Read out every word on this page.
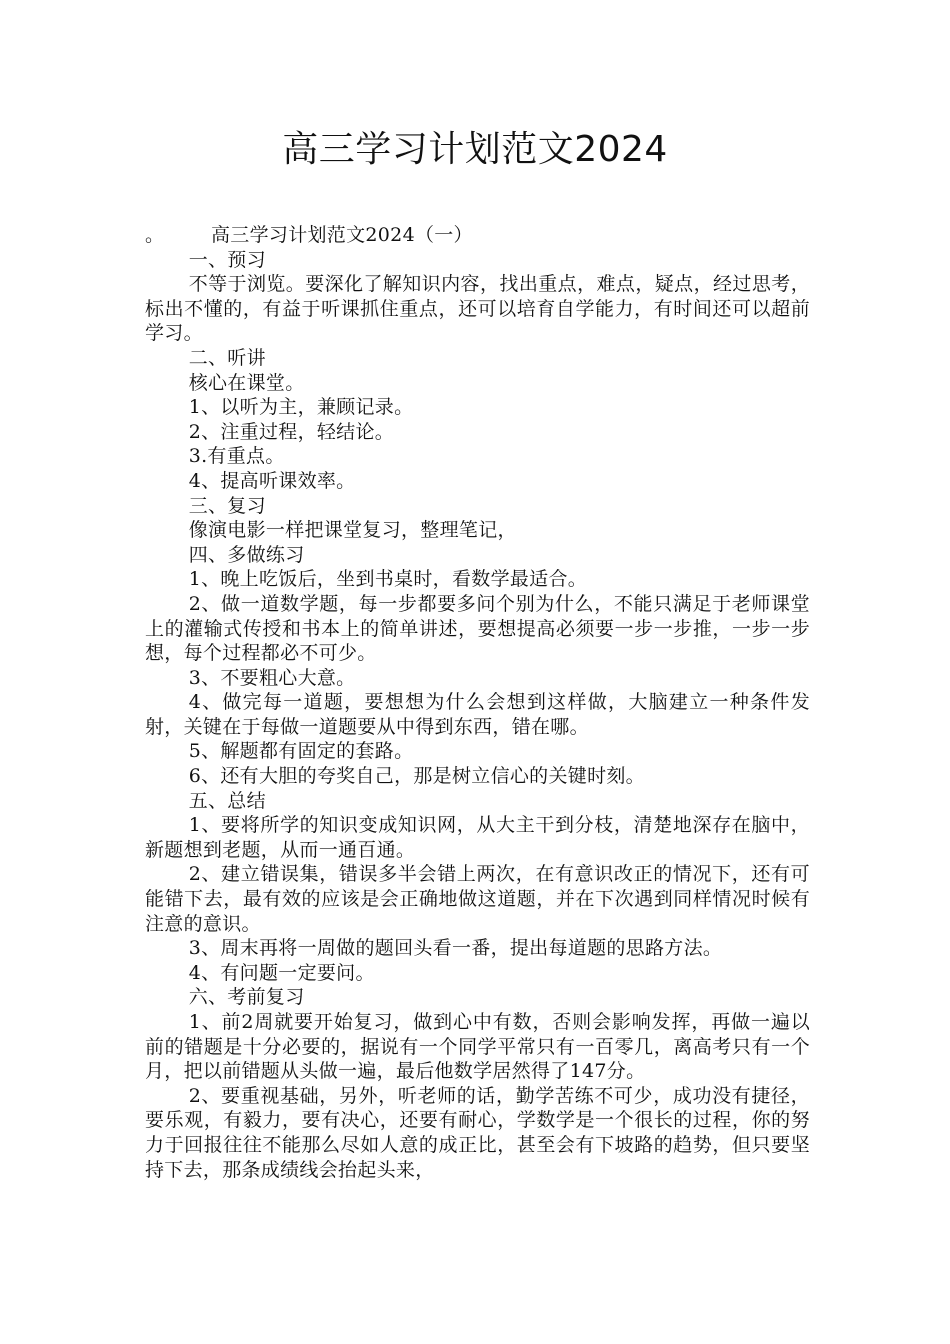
高三学习计划范文2024

。 高三学习计划范文2024（一）

一、预习

不等于浏览。要深化了解知识内容，找出重点，难点，疑点，经过思考，标出不懂的，有益于听课抓住重点，还可以培育自学能力，有时间还可以超前学习。

二、听讲

核心在课堂。

1、以听为主，兼顾记录。

2、注重过程，轻结论。

3.有重点。

4、提高听课效率。

三、复习

像演电影一样把课堂复习，整理笔记，

四、多做练习

1、晚上吃饭后，坐到书桌时，看数学最适合。

2、做一道数学题，每一步都要多问个别为什么，不能只满足于老师课堂上的灌输式传授和书本上的简单讲述，要想提高必须要一步一步推，一步一步想，每个过程都必不可少。

3、不要粗心大意。

4、做完每一道题，要想想为什么会想到这样做，大脑建立一种条件发射，关键在于每做一道题要从中得到东西，错在哪。

5、解题都有固定的套路。

6、还有大胆的夸奖自己，那是树立信心的关键时刻。

五、总结

1、要将所学的知识变成知识网，从大主干到分枝，清楚地深存在脑中，新题想到老题，从而一通百通。

2、建立错误集，错误多半会错上两次，在有意识改正的情况下，还有可能错下去，最有效的应该是会正确地做这道题，并在下次遇到同样情况时候有注意的意识。

3、周末再将一周做的题回头看一番，提出每道题的思路方法。

4、有问题一定要问。

六、考前复习

1、前2周就要开始复习，做到心中有数，否则会影响发挥，再做一遍以前的错题是十分必要的，据说有一个同学平常只有一百零几，离高考只有一个月，把以前错题从头做一遍，最后他数学居然得了147分。

2、要重视基础，另外，听老师的话，勤学苦练不可少，成功没有捷径，要乐观，有毅力，要有决心，还要有耐心，学数学是一个很长的过程，你的努力于回报往往不能那么尽如人意的成正比，甚至会有下坡路的趋势，但只要坚持下去，那条成绩线会抬起头来，
